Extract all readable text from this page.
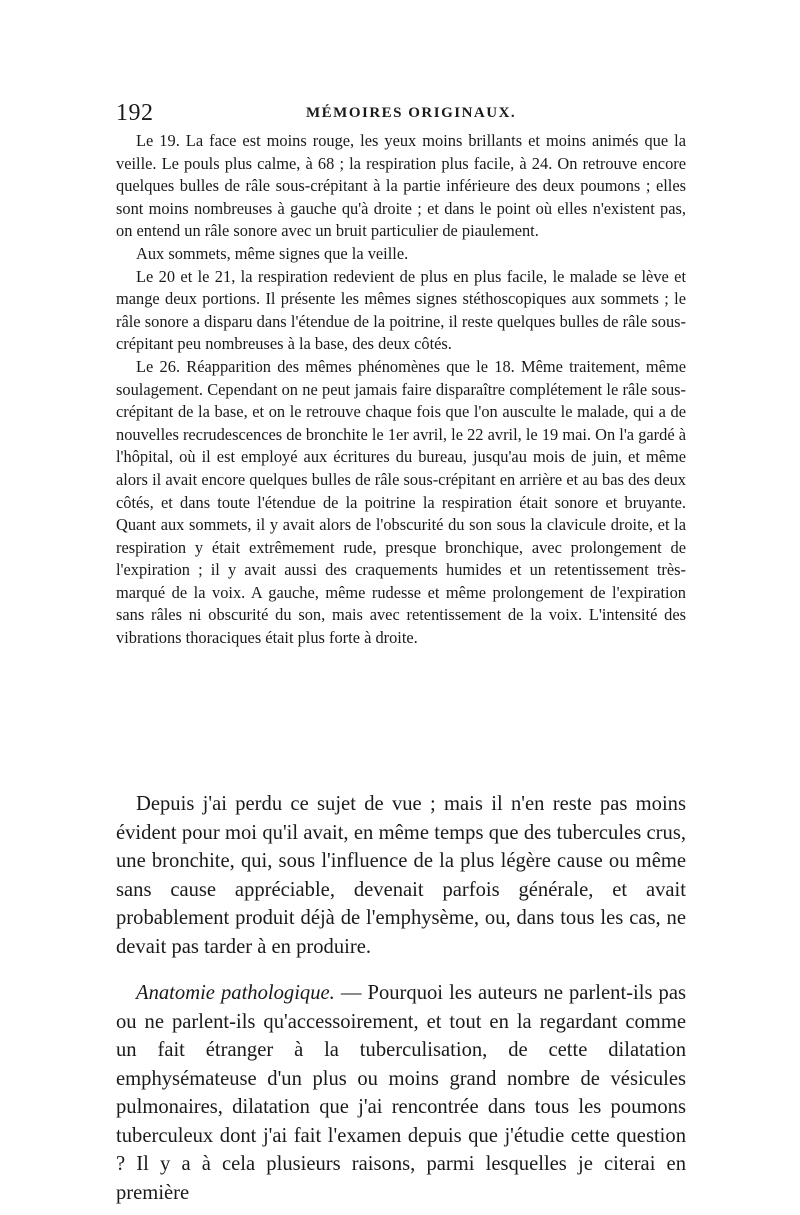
192	MÉMOIRES ORIGINAUX.

Le 19. La face est moins rouge, les yeux moins brillants et moins animés que la veille. Le pouls plus calme, à 68 ; la respiration plus facile, à 24. On retrouve encore quelques bulles de râle sous-crépitant à la partie inférieure des deux poumons ; elles sont moins nombreuses à gauche qu'à droite ; et dans le point où elles n'existent pas, on entend un râle sonore avec un bruit particulier de piaulement.

Aux sommets, même signes que la veille.

Le 20 et le 21, la respiration redevient de plus en plus facile, le malade se lève et mange deux portions. Il présente les mêmes signes stéthoscopiques aux sommets ; le râle sonore a disparu dans l'étendue de la poitrine, il reste quelques bulles de râle sous-crépitant peu nombreuses à la base, des deux côtés.

Le 26. Réapparition des mêmes phénomènes que le 18. Même traitement, même soulagement. Cependant on ne peut jamais faire disparaître complétement le râle sous-crépitant de la base, et on le retrouve chaque fois que l'on ausculte le malade, qui a de nouvelles recrudescences de bronchite le 1er avril, le 22 avril, le 19 mai. On l'a gardé à l'hôpital, où il est employé aux écritures du bureau, jusqu'au mois de juin, et même alors il avait encore quelques bulles de râle sous-crépitant en arrière et au bas des deux côtés, et dans toute l'étendue de la poitrine la respiration était sonore et bruyante. Quant aux sommets, il y avait alors de l'obscurité du son sous la clavicule droite, et la respiration y était extrêmement rude, presque bronchique, avec prolongement de l'expiration ; il y avait aussi des craquements humides et un retentissement très-marqué de la voix. A gauche, même rudesse et même prolongement de l'expiration sans râles ni obscurité du son, mais avec retentissement de la voix. L'intensité des vibrations thoraciques était plus forte à droite.

Depuis j'ai perdu ce sujet de vue ; mais il n'en reste pas moins évident pour moi qu'il avait, en même temps que des tubercules crus, une bronchite, qui, sous l'influence de la plus légère cause ou même sans cause appréciable, devenait parfois générale, et avait probablement produit déjà de l'emphysème, ou, dans tous les cas, ne devait pas tarder à en produire.

Anatomie pathologique. — Pourquoi les auteurs ne parlent-ils pas ou ne parlent-ils qu'accessoirement, et tout en la regardant comme un fait étranger à la tuberculisation, de cette dilatation emphysémateuse d'un plus ou moins grand nombre de vésicules pulmonaires, dilatation que j'ai rencontrée dans tous les poumons tuberculeux dont j'ai fait l'examen depuis que j'étudie cette question ? Il y a à cela plusieurs raisons, parmi lesquelles je citerai en première
